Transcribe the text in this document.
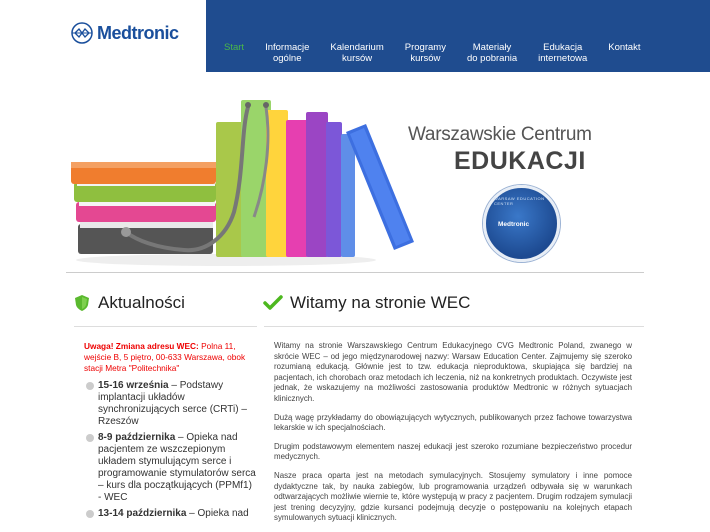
Medtronic
Start Informacje
ogólne
Kalendarium
kursów
Programy
kursów
Materiały
do pobrania
Edukacja
internetowa
Kontakt
Warszawskie Centrum
EDUKACJI
WARSAW EDUCATION CENTER
Medtronic
Aktualności
Uwaga! Zmiana adresu WEC: Polna 11, wejście B, 5 piętro, 00-633 Warszawa, obok stacji Metra "Politechnika"
15-16 września – Podstawy implantacji układów synchronizujących serce (CRTi) – Rzeszów
8-9 października – Opieka nad pacjentem ze wszczepionym układem stymulującym serce i programowanie stymulatorów serca – kurs dla początkujących (PPMf1) - WEC
13-14 października – Opieka nad
Witamy na stronie WEC

Witamy na stronie Warszawskiego Centrum Edukacyjnego CVG Medtronic Poland, zwanego w skrócie WEC – od jego międzynarodowej nazwy: Warsaw Education Center. Zajmujemy się szeroko rozumianą edukacją. Głównie jest to tzw. edukacja nieproduktowa, skupiająca się bardziej na pacjentach, ich chorobach oraz metodach ich leczenia, niż na konkretnych produktach. Oczywiste jest jednak, że wskazujemy na możliwości zastosowania produktów Medtronic w różnych sytuacjach klinicznych.

Dużą wagę przykładamy do obowiązujących wytycznych, publikowanych przez fachowe towarzystwa lekarskie w ich specjalnościach.

Drugim podstawowym elementem naszej edukacji jest szeroko rozumiane bezpieczeństwo procedur medycznych.

Nasze praca oparta jest na metodach symulacyjnych. Stosujemy symulatory i inne pomoce dydaktyczne tak, by nauka zabiegów, lub programowania urządzeń odbywała się w warunkach odtwarzających możliwie wiernie te, które występują w pracy z pacjentem. Drugim rodzajem symulacji jest trening decyzyjny, gdzie kursanci podejmują decyzje o postępowaniu na kolejnych etapach symulowanych sytuacji klinicznych.
